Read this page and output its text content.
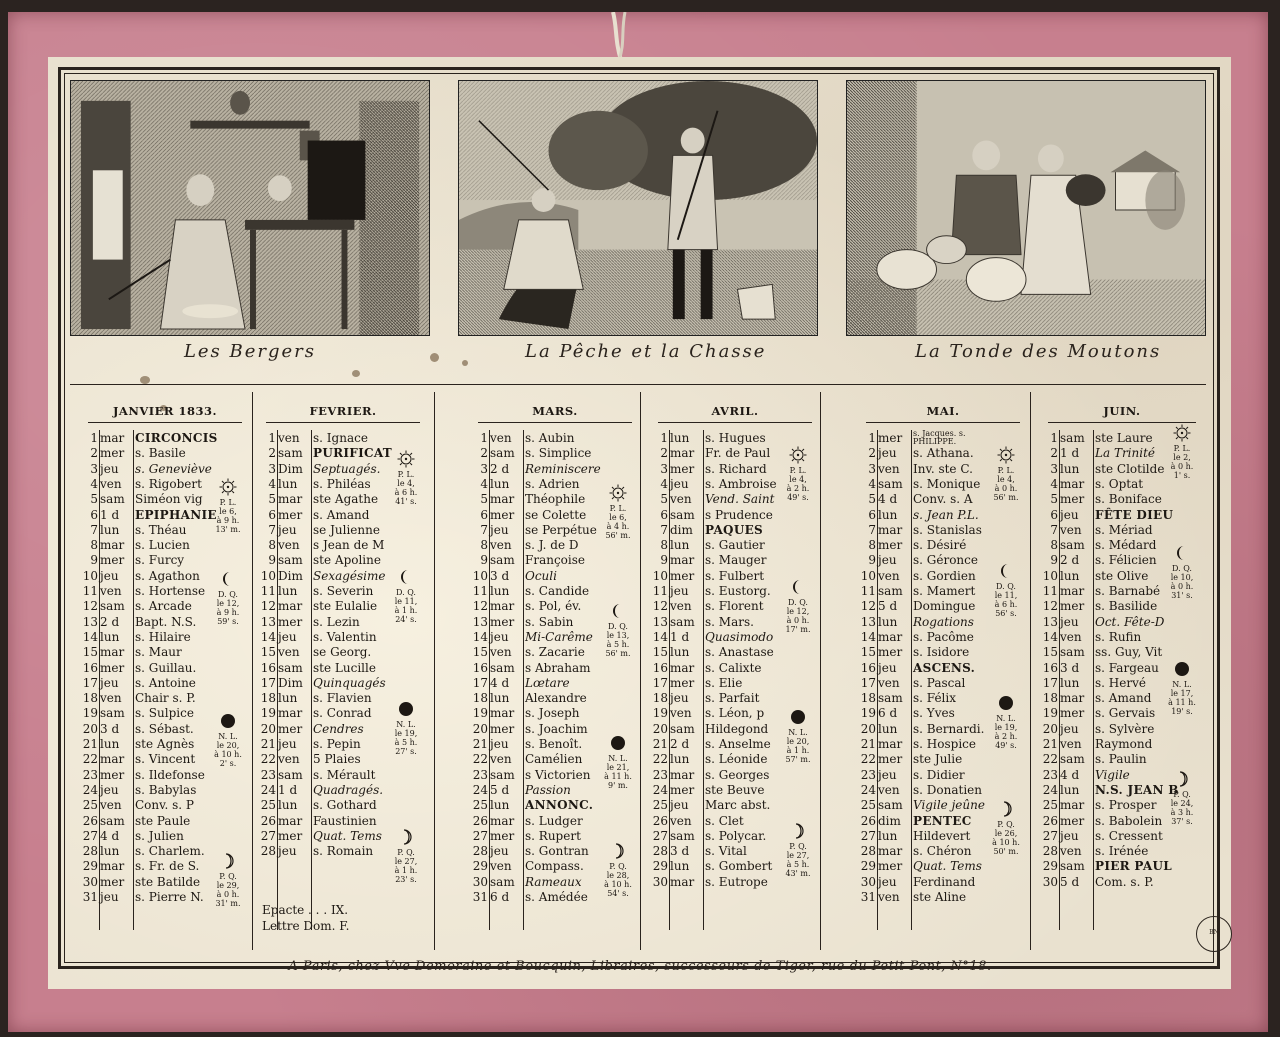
Les Bergers	La Pêche et la Chasse	La Tonde des Moutons
JANVIER 1833.
1 mar CIRCONCIS
2 mer s. Basile
3 jeu	s. Geneviève
4 ven	s. Rigobert
5 sam Siméon vig
6 1 d	EPIPHANIE
7 lun	s. Théau
8 mar s. Lucien
9 mer s. Furcy
10 jeu	s. Agathon
11 ven	s. Hortense
12 sam s. Arcade
13 2 d	Bapt. N.S.
14 lun	s. Hilaire
15 mar s. Maur
16 mer s. Guillau.
17 jeu	s. Antoine
18 ven	Chair s. P.
19 sam s. Sulpice
20 3 d	s. Sébast.
21 lun	ste Agnès
22 mar s. Vincent
23 mer s. Ildefonse
24 jeu	s. Babylas
25 ven	Conv. s. P
26 sam ste Paule
27 4 d	s. Julien
28 lun	s. Charlem.
29 mar s. Fr. de S.
30 mer ste Batilde
31 jeu	s. Pierre N.
P. L.
le 6,
à 9 h.
13' m.
D. Q.
le 12,
à 9 h.
59' s.
N. L.
le 20,
à 10 h.
2' s.
P. Q.
le 29,
à 0 h.
31' m.
FEVRIER.
1 ven	s. Ignace
2 sam PURIFICAT
3 Dim Septuagés.
4 lun	s. Philéas
5 mar ste Agathe
6 mer s. Amand
7 jeu	se Julienne
8 ven	s Jean de M
9 sam ste Apoline
10 Dim Sexagésime
11 lun	s. Severin
12 mar ste Eulalie
13 mer s. Lezin
14 jeu	s. Valentin
15 ven	se Georg.
16 sam ste Lucille
17 Dim Quinquagés
18 lun	s. Flavien
19 mar s. Conrad
20 mer Cendres
21 jeu	s. Pepin
22 ven	5 Plaies
23 sam s. Mérault
24 1 d	Quadragés.
25 lun	s. Gothard
26 mar Faustinien
27 mer Quat. Tems
28 jeu	s. Romain
P. L.
le 4,
à 6 h.
41' s.
D. Q.
le 11,
à 1 h.
24' s.
N. L.
le 19,
à 5 h.
27' s.
P. Q.
le 27,
à 1 h.
23' s.
MARS.
1 ven	s. Aubin
2 sam s. Simplice
3 2 d	Reminiscere
4 lun	s. Adrien
5 mar Théophile
6 mer se Colette
7 jeu	se Perpétue
8 ven	s. J. de D
9 sam Françoise
10 3 d	Oculi
11 lun	s. Candide
12 mar s. Pol, év.
13 mer s. Sabin
14 jeu	Mi-Carême
15 ven	s. Zacarie
16 sam s Abraham
17 4 d	Lœtare
18 lun	Alexandre
19 mar s. Joseph
20 mer s. Joachim
21 jeu	s. Benoît.
22 ven	Camélien
23 sam s Victorien
24 5 d	Passion
25 lun	ANNONC.
26 mar s. Ludger
27 mer s. Rupert
28 jeu	s. Gontran
29 ven	Compass.
30 sam Rameaux
31 6 d	s. Amédée
P. L.
le 6,
à 4 h.
56' m.
D. Q.
le 13,
à 5 h.
56' m.
N. L.
le 21,
à 11 h.
9' m.
P. Q.
le 28,
à 10 h.
54' s.
AVRIL.
1 lun	s. Hugues
2 mar Fr. de Paul
3 mer s. Richard
4 jeu	s. Ambroise
5 ven	Vend. Saint
6 sam s Prudence
7 dim	PAQUES
8 lun	s. Gautier
9 mar s. Mauger
10 mer s. Fulbert
11 jeu	s. Eustorg.
12 ven	s. Florent
13 sam s. Mars.
14 1 d	Quasimodo
15 lun	s. Anastase
16 mar s. Calixte
17 mer s. Elie
18 jeu	s. Parfait
19 ven	s. Léon, p
20 sam Hildegond
21 2 d	s. Anselme
22 lun	s. Léonide
23 mar s. Georges
24 mer ste Beuve
25 jeu	Marc abst.
26 ven	s. Clet
27 sam s. Polycar.
28 3 d	s. Vital
29 lun	s. Gombert
30 mar s. Eutrope
P. L.
le 4,
à 2 h.
49' s.
D. Q.
le 12,
à 0 h.
17' m.
N. L.
le 20,
à 1 h.
57' m.
P. Q.
le 27,
à 5 h.
43' m.
MAI.
1 mer	s. Jacques. s. PHILIPPE.
2 jeu	s. Athana.
3 ven	Inv. ste C.
4 sam s. Monique
5 4 d	Conv. s. A
6 lun	s. Jean P.L.
7 mar s. Stanislas
8 mer s. Désiré
9 jeu	s. Géronce
10 ven	s. Gordien
11 sam s. Mamert
12 5 d	Domingue
13 lun	Rogations
14 mar s. Pacôme
15 mer s. Isidore
16 jeu	ASCENS.
17 ven	s. Pascal
18 sam s. Félix
19 6 d	s. Yves
20 lun	s. Bernardi.
21 mar s. Hospice
22 mer ste Julie
23 jeu	s. Didier
24 ven	s. Donatien
25 sam Vigile jeûne
26 dim	PENTEC
27 lun	Hildevert
28 mar s. Chéron
29 mer Quat. Tems
30 jeu	Ferdinand
31 ven	ste Aline
P. L.
le 4,
à 0 h.
56' m.
D. Q.
le 11,
à 6 h.
56' s.
N. L.
le 19,
à 2 h.
49' s.
P. Q.
le 26,
à 10 h.
50' m.
JUIN.
1 sam ste Laure
2 1 d	La Trinité
3 lun	ste Clotilde
4 mar s. Optat
5 mer s. Boniface
6 jeu	FÊTE DIEU
7 ven	s. Mériad
8 sam s. Médard
9 2 d	s. Félicien
10 lun	ste Olive
11 mar s. Barnabé
12 mer s. Basilide
13 jeu	Oct. Fête-D
14 ven	s. Rufin
15 sam ss. Guy, Vit
16 3 d	s. Fargeau
17 lun	s. Hervé
18 mar s. Amand
19 mer s. Gervais
20 jeu	s. Sylvère
21 ven	Raymond
22 sam s. Paulin
23 4 d	Vigile
24 lun	N.S. JEAN B
25 mar s. Prosper
26 mer s. Babolein
27 jeu	s. Cressent
28 ven	s. Irénée
29 sam PIER PAUL
30 5 d	Com. s. P.
P. L.
le 2,
à 0 h.
1' s.
D. Q.
le 10,
à 0 h.
31' s.
N. L.
le 17,
à 11 h.
19' s.
P. Q.
le 24,
à 3 h.
37' s.
Epacte . . . IX.
Lettre Dom. F.
A Paris, chez Vve Demoraine et Boucquin, Libraires, successeurs de Tiger, rue du Petit-Pont, N°18.
BN
